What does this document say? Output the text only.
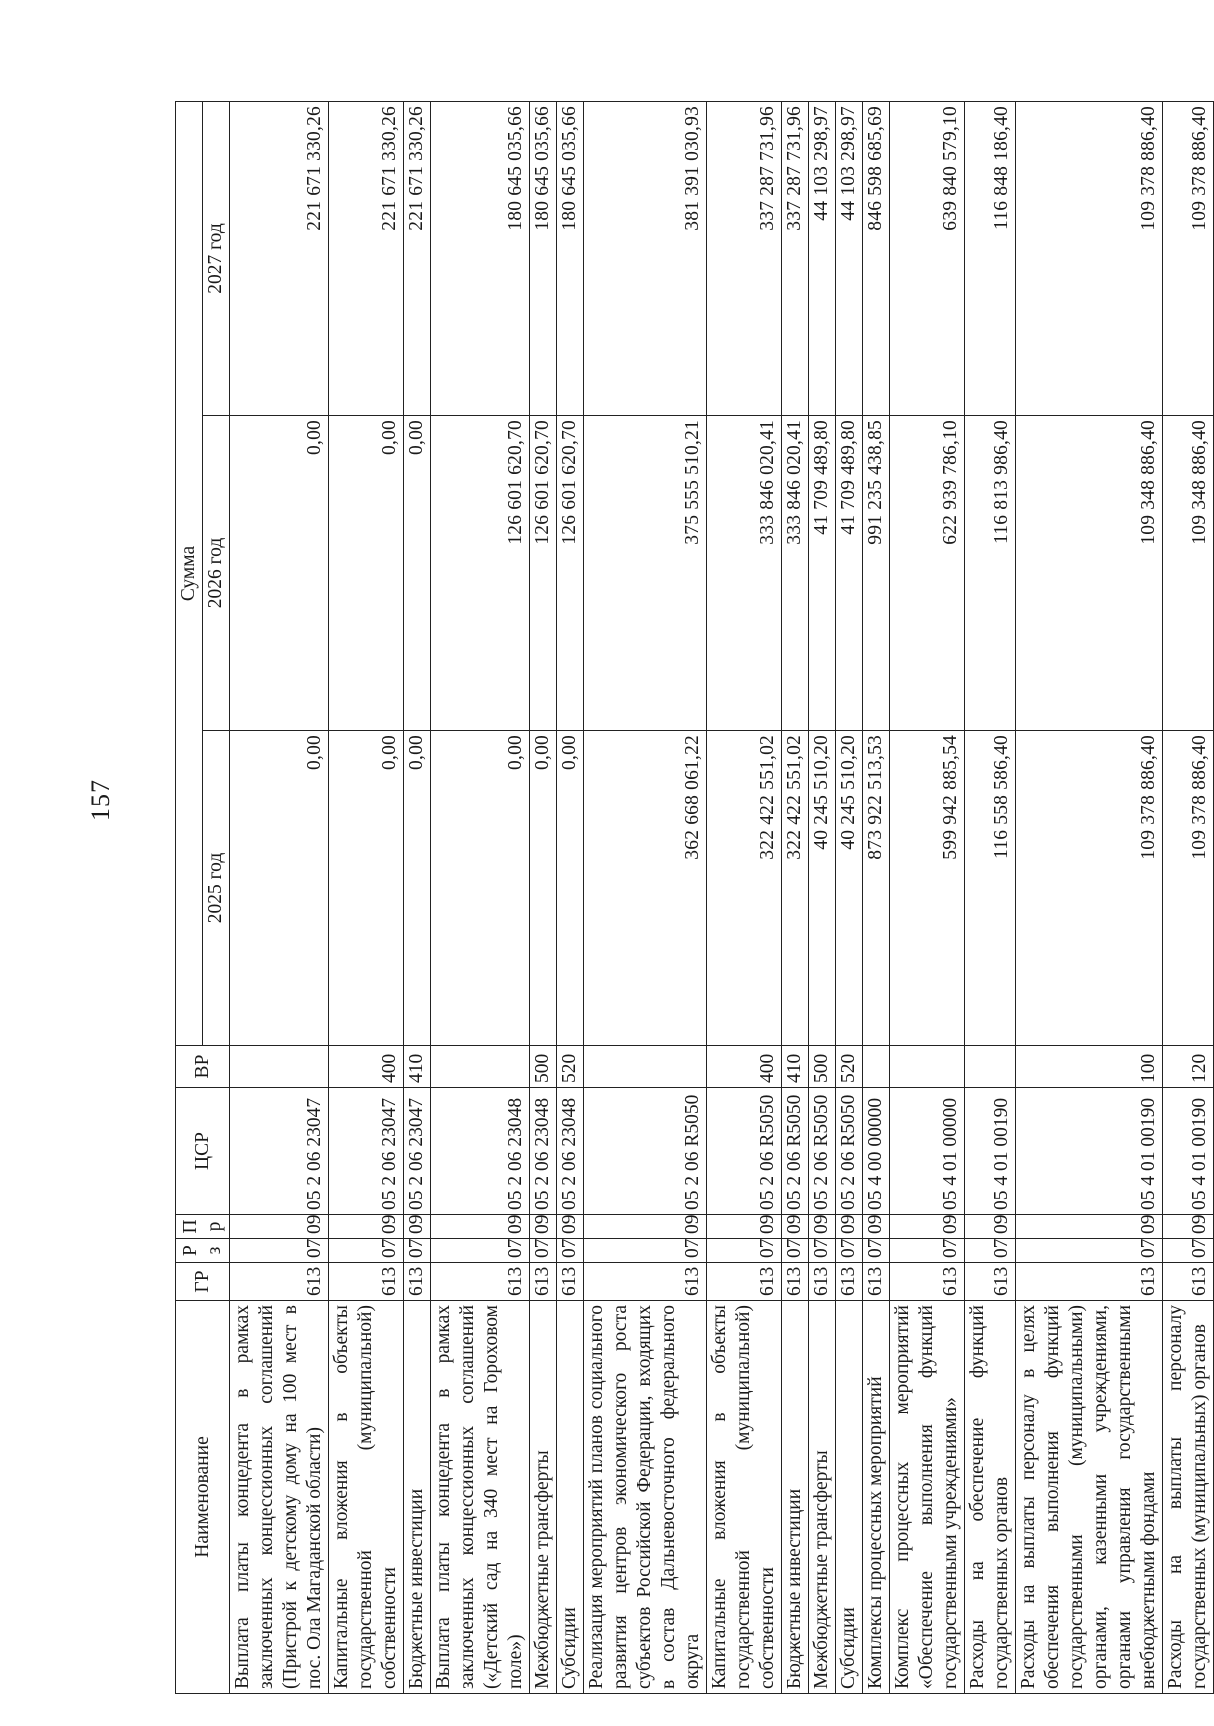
157
Наименование	ГР	Рз	Пр	ЦСР	ВР	Сумма		
						2025 год	2026 год	2027 год
Выплата платы концедента в рамках заключенных концессионных соглашений (Пристрой к детскому дому на 100 мест в пос. Ола Магаданской области)	613	07	09	05 2 06 23047		0,00	0,00	221 671 330,26
Капитальные вложения в объекты государственной (муниципальной) собственности	613	07	09	05 2 06 23047	400	0,00	0,00	221 671 330,26
Бюджетные инвестиции	613	07	09	05 2 06 23047	410	0,00	0,00	221 671 330,26
Выплата платы концедента в рамках заключенных концессионных соглашений («Детский сад на 340 мест на Гороховом поле»)	613	07	09	05 2 06 23048		0,00	126 601 620,70	180 645 035,66
Межбюджетные трансферты	613	07	09	05 2 06 23048	500	0,00	126 601 620,70	180 645 035,66
Субсидии	613	07	09	05 2 06 23048	520	0,00	126 601 620,70	180 645 035,66
Реализация мероприятий планов социального развития центров экономического роста субъектов Российской Федерации, входящих в состав Дальневосточного федерального округа	613	07	09	05 2 06 R5050		362 668 061,22	375 555 510,21	381 391 030,93
Капитальные вложения в объекты государственной (муниципальной) собственности	613	07	09	05 2 06 R5050	400	322 422 551,02	333 846 020,41	337 287 731,96
Бюджетные инвестиции	613	07	09	05 2 06 R5050	410	322 422 551,02	333 846 020,41	337 287 731,96
Межбюджетные трансферты	613	07	09	05 2 06 R5050	500	40 245 510,20	41 709 489,80	44 103 298,97
Субсидии	613	07	09	05 2 06 R5050	520	40 245 510,20	41 709 489,80	44 103 298,97
Комплексы процессных мероприятий	613	07	09	05 4 00 00000		873 922 513,53	991 235 438,85	846 598 685,69
Комплекс процессных мероприятий «Обеспечение выполнения функций государственными учреждениями»	613	07	09	05 4 01 00000		599 942 885,54	622 939 786,10	639 840 579,10
Расходы на обеспечение функций государственных органов	613	07	09	05 4 01 00190		116 558 586,40	116 813 986,40	116 848 186,40
Расходы на выплаты персоналу в целях обеспечения выполнения функций государственными (муниципальными) органами, казенными учреждениями, органами управления государственными внебюджетными фондами	613	07	09	05 4 01 00190	100	109 378 886,40	109 348 886,40	109 378 886,40
Расходы на выплаты персоналу государственных (муниципальных) органов	613	07	09	05 4 01 00190	120	109 378 886,40	109 348 886,40	109 378 886,40
